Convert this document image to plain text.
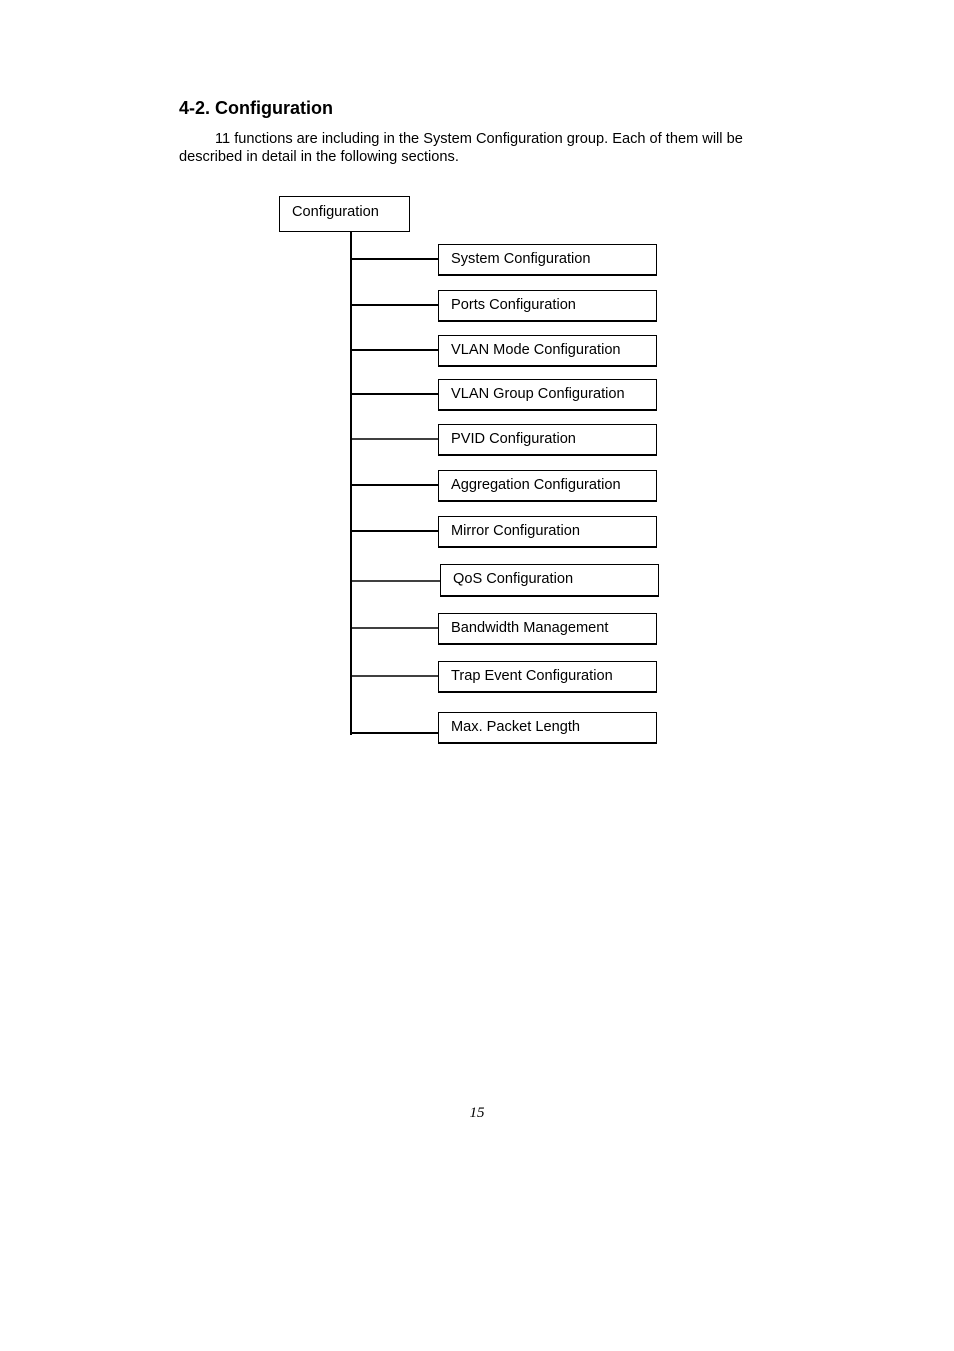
4-2. Configuration

11 functions are including in the System Configuration group. Each of them will be described in detail in the following sections.

Configuration
System Configuration
Ports Configuration
VLAN Mode Configuration
VLAN Group Configuration
PVID Configuration
Aggregation Configuration
Mirror Configuration
QoS Configuration
Bandwidth Management
Trap Event Configuration
Max. Packet Length
15
